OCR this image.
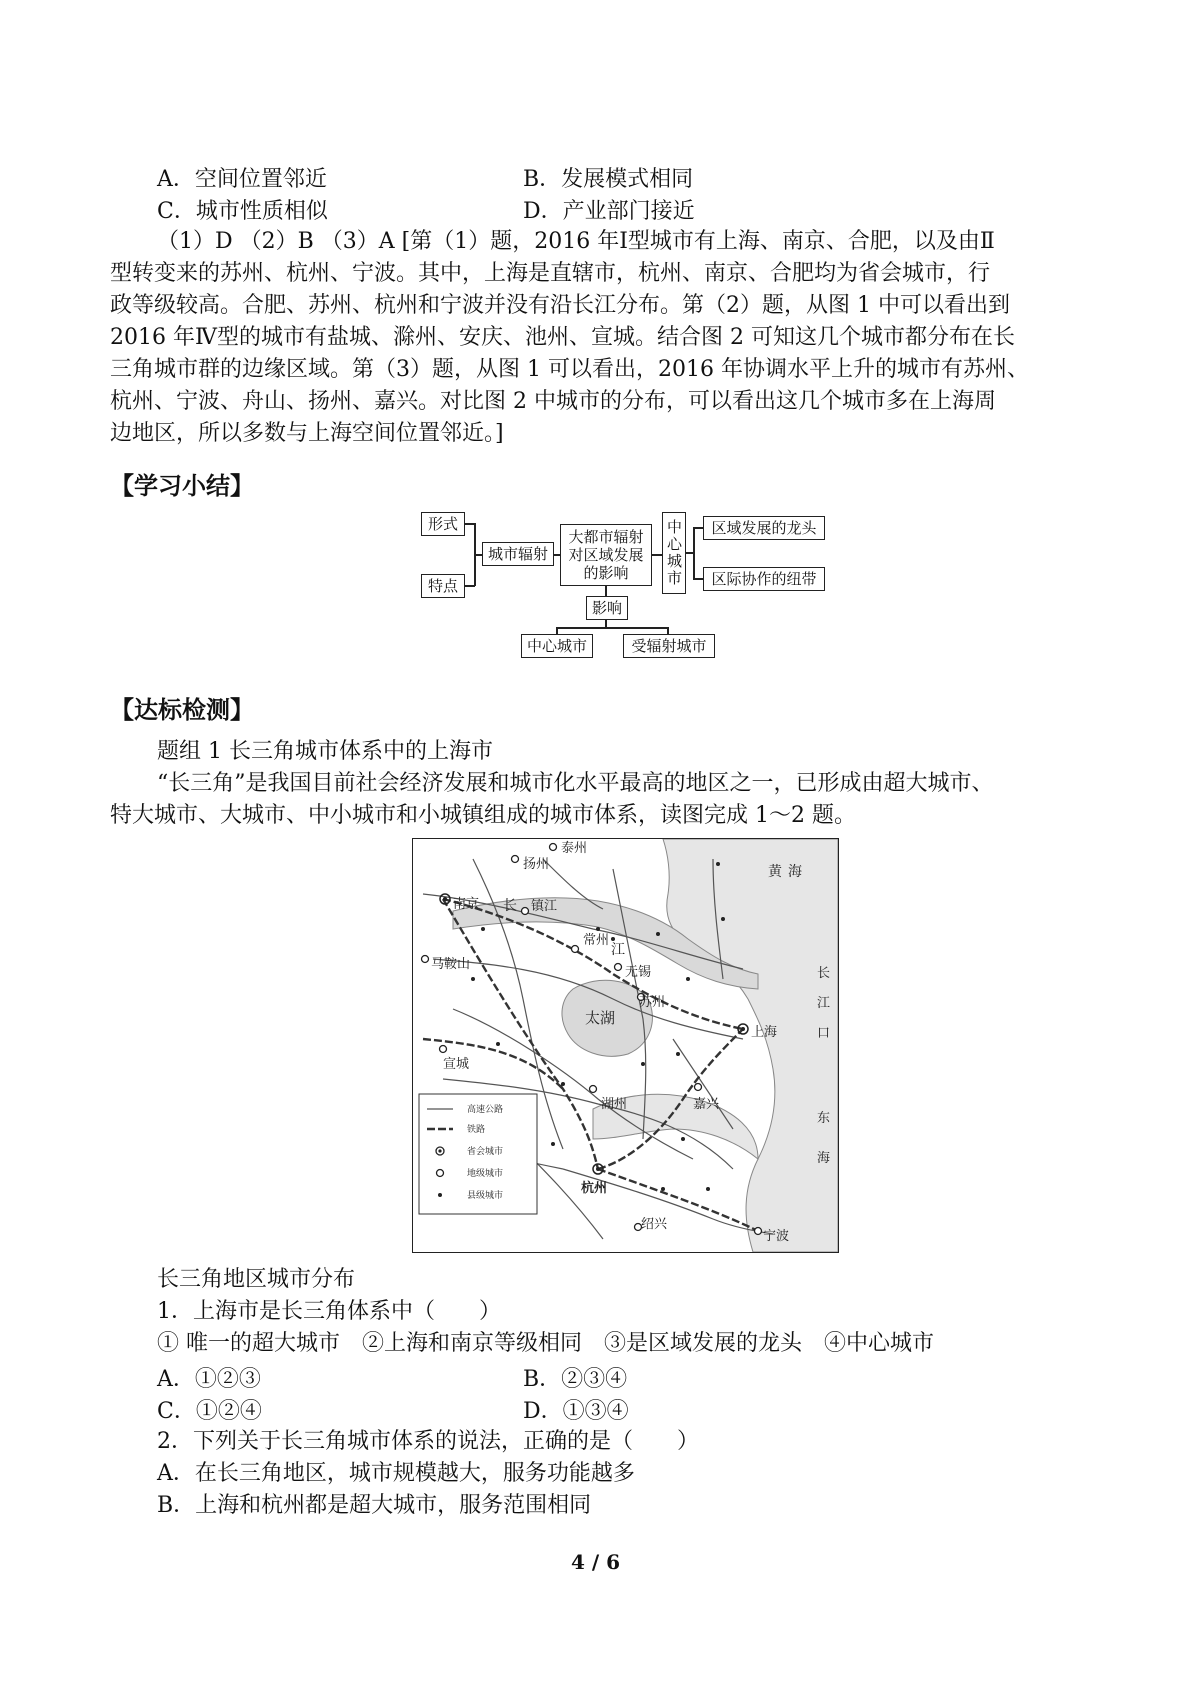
A．空间位置邻近	B．发展模式相同
C．城市性质相似	D．产业部门接近
（1）D （2）B （3）A [第（1）题，2016 年Ⅰ型城市有上海、南京、合肥，以及由Ⅱ
型转变来的苏州、杭州、宁波。其中，上海是直辖市，杭州、南京、合肥均为省会城市，行
政等级较高。合肥、苏州、杭州和宁波并没有沿长江分布。第（2）题，从图 1 中可以看出到
2016 年Ⅳ型的城市有盐城、滁州、安庆、池州、宣城。结合图 2 可知这几个城市都分布在长
三角城市群的边缘区域。第（3）题，从图 1 可以看出，2016 年协调水平上升的城市有苏州、
杭州、宁波、舟山、扬州、嘉兴。对比图 2 中城市的分布，可以看出这几个城市多在上海周
边地区，所以多数与上海空间位置邻近。]
【学习小结】
形式
特点
城市辐射
大都市辐射
对区域发展
的影响 中心城市	区域发展的龙头
区际协作的纽带
影响
中心城市	受辐射城市
【达标检测】
题组 1 长三角城市体系中的上海市
“长三角”是我国目前社会经济发展和城市化水平最高的地区之一，已形成由超大城市、
特大城市、大城市、中小城市和小城镇组成的城市体系，读图完成 1～2 题。
泰州
扬州	黄海
南京 长 镇江
江
常州
马鞍山
无锡	长江口
苏州
太湖
上海
宣城
湖州	嘉兴
东海
杭州
绍兴
宁波
高速公路
铁路
省会城市
地级城市
县级城市
长三角地区城市分布
1．上海市是长三角体系中（　　）
① 唯一的超大城市　②上海和南京等级相同　③是区域发展的龙头　④中心城市
A．①②③	B．②③④
C．①②④	D．①③④
2．下列关于长三角城市体系的说法，正确的是（　　）
A．在长三角地区，城市规模越大，服务功能越多
B．上海和杭州都是超大城市，服务范围相同
4 / 6
